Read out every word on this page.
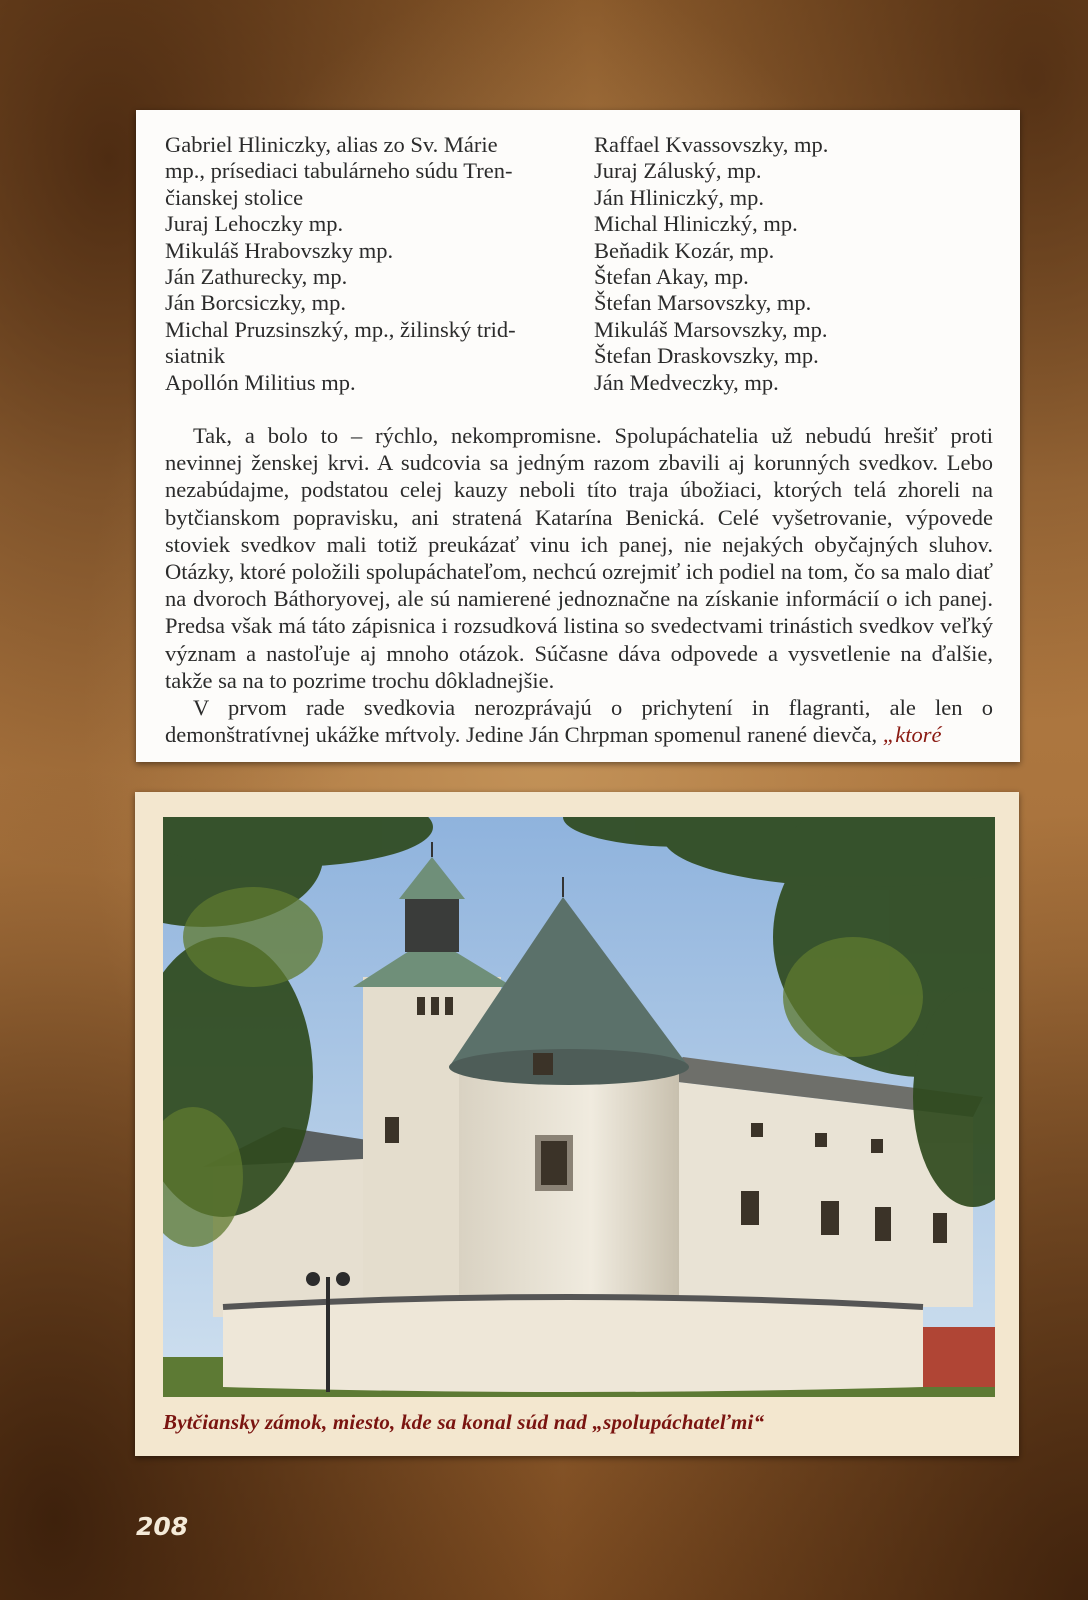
Gabriel Hliniczky, alias zo Sv. Márie
mp., prísediaci tabulárneho súdu Tren-
čianskej stolice
Juraj Lehoczky mp.
Mikuláš Hrabovszky mp.
Ján Zathurecky, mp.
Ján Borcsiczky, mp.
Michal Pruzsinszký, mp., žilinský trid-
siatnik
Apollón Militius mp.
Raffael Kvassovszky, mp.
Juraj Záluský, mp.
Ján Hliniczký, mp.
Michal Hliniczký, mp.
Beňadik Kozár, mp.
Štefan Akay, mp.
Štefan Marsovszky, mp.
Mikuláš Marsovszky, mp.
Štefan Draskovszky, mp.
Ján Medveczky, mp.

Tak, a bolo to – rýchlo, nekompromisne. Spolupáchatelia už nebudú hrešiť proti nevinnej ženskej krvi. A sudcovia sa jedným razom zbavili aj korunných svedkov. Lebo nezabúdajme, podstatou celej kauzy neboli títo traja úbožiaci, ktorých telá zhoreli na bytčianskom popravisku, ani stratená Katarína Benická. Celé vyšetrovanie, výpovede stoviek svedkov mali totiž preukázať vinu ich panej, nie nejakých obyčajných sluhov. Otázky, ktoré položili spolupáchateľom, nechcú ozrejmiť ich podiel na tom, čo sa malo diať na dvoroch Báthoryovej, ale sú namierené jednoznačne na získanie informácií o ich panej. Predsa však má táto zápisnica i rozsudková listina so svedectvami trinástich svedkov veľký význam a nastoľuje aj mnoho otázok. Súčasne dáva odpovede a vysvetlenie na ďalšie, takže sa na to pozrime trochu dôkladnejšie.

V prvom rade svedkovia nerozprávajú o prichytení in flagranti, ale len o demonštratívnej ukážke mŕtvoly. Jedine Ján Chrpman spomenul ranené dievča, „ktoré

Bytčiansky zámok, miesto, kde sa konal súd nad „spolupáchateľmi“
208
